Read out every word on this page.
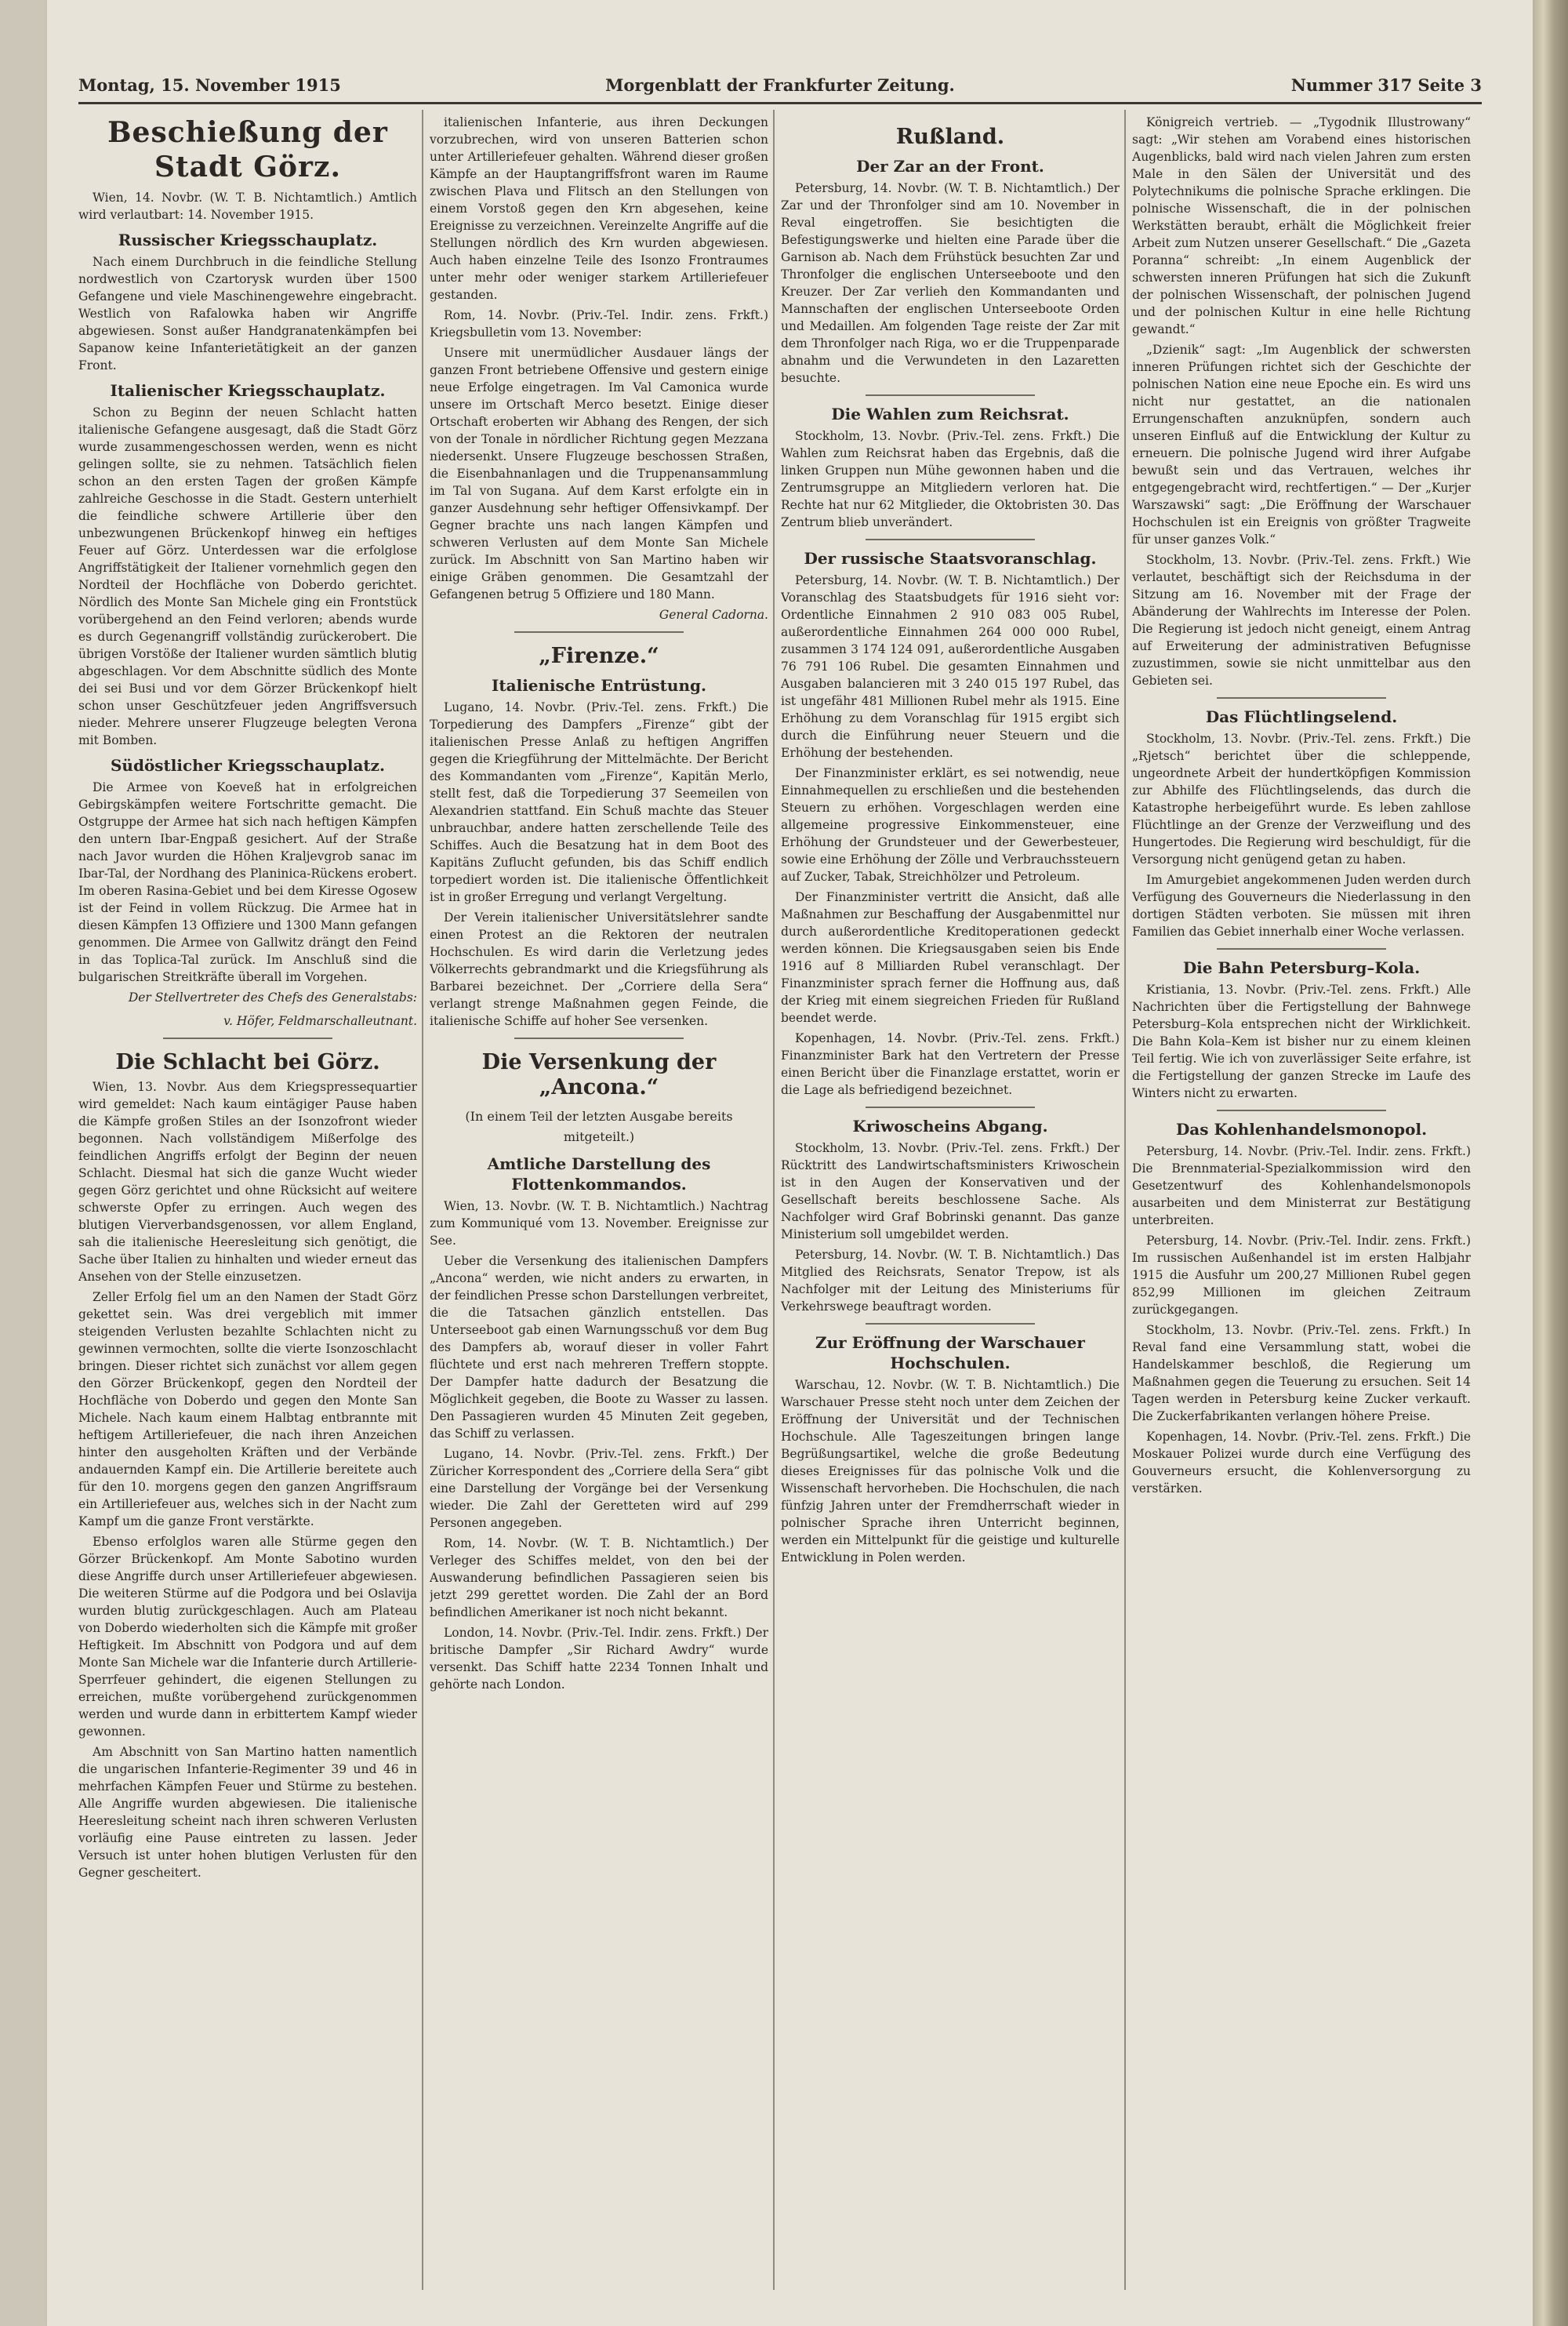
Montag, 15. November 1915	Morgenblatt der Frankfurter Zeitung.	Nummer 317 Seite 3
Beschießung der Stadt Görz.

Wien, 14. Novbr. (W. T. B. Nichtamtlich.) Amtlich wird verlautbart: 14. November 1915.

Russischer Kriegsschauplatz.

Nach einem Durchbruch in die feindliche Stellung nordwestlich von Czartorysk wurden über 1500 Gefangene und viele Maschinengewehre eingebracht. Westlich von Rafalowka haben wir Angriffe abgewiesen. Sonst außer Handgranatenkämpfen bei Sapanow keine Infanterietätigkeit an der ganzen Front.

Italienischer Kriegsschauplatz.

Schon zu Beginn der neuen Schlacht hatten italienische Gefangene ausgesagt, daß die Stadt Görz wurde zusammengeschossen werden, wenn es nicht gelingen sollte, sie zu nehmen. Tatsächlich fielen schon an den ersten Tagen der großen Kämpfe zahlreiche Geschosse in die Stadt. Gestern unterhielt die feindliche schwere Artillerie über den unbezwungenen Brückenkopf hinweg ein heftiges Feuer auf Görz. Unterdessen war die erfolglose Angriffstätigkeit der Italiener vornehmlich gegen den Nordteil der Hochfläche von Doberdo gerichtet. Nördlich des Monte San Michele ging ein Frontstück vorübergehend an den Feind verloren; abends wurde es durch Gegenangriff vollständig zurückerobert. Die übrigen Vorstöße der Italiener wurden sämtlich blutig abgeschlagen. Vor dem Abschnitte südlich des Monte dei sei Busi und vor dem Görzer Brückenkopf hielt schon unser Geschützfeuer jeden Angriffsversuch nieder. Mehrere unserer Flugzeuge belegten Verona mit Bomben.

Südöstlicher Kriegsschauplatz.

Die Armee von Koeveß hat in erfolgreichen Gebirgskämpfen weitere Fortschritte gemacht. Die Ostgruppe der Armee hat sich nach heftigen Kämpfen den untern Ibar-Engpaß gesichert. Auf der Straße nach Javor wurden die Höhen Kraljevgrob sanac im Ibar-Tal, der Nordhang des Planinica-Rückens erobert. Im oberen Rasina-Gebiet und bei dem Kiresse Ogosew ist der Feind in vollem Rückzug. Die Armee hat in diesen Kämpfen 13 Offiziere und 1300 Mann gefangen genommen. Die Armee von Gallwitz drängt den Feind in das Toplica-Tal zurück. Im Anschluß sind die bulgarischen Streitkräfte überall im Vorgehen.

Der Stellvertreter des Chefs des Generalstabs:

v. Höfer, Feldmarschalleutnant.

Die Schlacht bei Görz.

Wien, 13. Novbr. Aus dem Kriegspressequartier wird gemeldet: Nach kaum eintägiger Pause haben die Kämpfe großen Stiles an der Isonzofront wieder begonnen. Nach vollständigem Mißerfolge des feindlichen Angriffs erfolgt der Beginn der neuen Schlacht. Diesmal hat sich die ganze Wucht wieder gegen Görz gerichtet und ohne Rücksicht auf weitere schwerste Opfer zu erringen. Auch wegen des blutigen Vierverbandsgenossen, vor allem England, sah die italienische Heeresleitung sich genötigt, die Sache über Italien zu hinhalten und wieder erneut das Ansehen von der Stelle einzusetzen.

Zeller Erfolg fiel um an den Namen der Stadt Görz gekettet sein. Was drei vergeblich mit immer steigenden Verlusten bezahlte Schlachten nicht zu gewinnen vermochten, sollte die vierte Isonzoschlacht bringen. Dieser richtet sich zunächst vor allem gegen den Görzer Brückenkopf, gegen den Nordteil der Hochfläche von Doberdo und gegen den Monte San Michele. Nach kaum einem Halbtag entbrannte mit heftigem Artilleriefeuer, die nach ihren Anzeichen hinter den ausgeholten Kräften und der Verbände andauernden Kampf ein. Die Artillerie bereitete auch für den 10. morgens gegen den ganzen Angriffsraum ein Artilleriefeuer aus, welches sich in der Nacht zum Kampf um die ganze Front verstärkte.

Ebenso erfolglos waren alle Stürme gegen den Görzer Brückenkopf. Am Monte Sabotino wurden diese Angriffe durch unser Artilleriefeuer abgewiesen. Die weiteren Stürme auf die Podgora und bei Oslavija wurden blutig zurückgeschlagen. Auch am Plateau von Doberdo wiederholten sich die Kämpfe mit großer Heftigkeit. Im Abschnitt von Podgora und auf dem Monte San Michele war die Infanterie durch Artillerie-Sperrfeuer gehindert, die eigenen Stellungen zu erreichen, mußte vorübergehend zurückgenommen werden und wurde dann in erbittertem Kampf wieder gewonnen.

Am Abschnitt von San Martino hatten namentlich die ungarischen Infanterie-Regimenter 39 und 46 in mehrfachen Kämpfen Feuer und Stürme zu bestehen. Alle Angriffe wurden abgewiesen. Die italienische Heeresleitung scheint nach ihren schweren Verlusten vorläufig eine Pause eintreten zu lassen. Jeder Versuch ist unter hohen blutigen Verlusten für den Gegner gescheitert.

italienischen Infanterie, aus ihren Deckungen vorzubrechen, wird von unseren Batterien schon unter Artilleriefeuer gehalten. Während dieser großen Kämpfe an der Hauptangriffsfront waren im Raume zwischen Plava und Flitsch an den Stellungen von einem Vorstoß gegen den Krn abgesehen, keine Ereignisse zu verzeichnen. Vereinzelte Angriffe auf die Stellungen nördlich des Krn wurden abgewiesen. Auch haben einzelne Teile des Isonzo Frontraumes unter mehr oder weniger starkem Artilleriefeuer gestanden.

Rom, 14. Novbr. (Priv.-Tel. Indir. zens. Frkft.) Kriegsbulletin vom 13. November:

Unsere mit unermüdlicher Ausdauer längs der ganzen Front betriebene Offensive und gestern einige neue Erfolge eingetragen. Im Val Camonica wurde unsere im Ortschaft Merco besetzt. Einige dieser Ortschaft eroberten wir Abhang des Rengen, der sich von der Tonale in nördlicher Richtung gegen Mezzana niedersenkt. Unsere Flugzeuge beschossen Straßen, die Eisenbahnanlagen und die Truppenansammlung im Tal von Sugana. Auf dem Karst erfolgte ein in ganzer Ausdehnung sehr heftiger Offensivkampf. Der Gegner brachte uns nach langen Kämpfen und schweren Verlusten auf dem Monte San Michele zurück. Im Abschnitt von San Martino haben wir einige Gräben genommen. Die Gesamtzahl der Gefangenen betrug 5 Offiziere und 180 Mann.

General Cadorna.

„Firenze.“
Italienische Entrüstung.

Lugano, 14. Novbr. (Priv.-Tel. zens. Frkft.) Die Torpedierung des Dampfers „Firenze“ gibt der italienischen Presse Anlaß zu heftigen Angriffen gegen die Kriegführung der Mittelmächte. Der Bericht des Kommandanten vom „Firenze“, Kapitän Merlo, stellt fest, daß die Torpedierung 37 Seemeilen von Alexandrien stattfand. Ein Schuß machte das Steuer unbrauchbar, andere hatten zerschellende Teile des Schiffes. Auch die Besatzung hat in dem Boot des Kapitäns Zuflucht gefunden, bis das Schiff endlich torpediert worden ist. Die italienische Öffentlichkeit ist in großer Erregung und verlangt Vergeltung.

Der Verein italienischer Universitätslehrer sandte einen Protest an die Rektoren der neutralen Hochschulen. Es wird darin die Verletzung jedes Völkerrechts gebrandmarkt und die Kriegsführung als Barbarei bezeichnet. Der „Corriere della Sera“ verlangt strenge Maßnahmen gegen Feinde, die italienische Schiffe auf hoher See versenken.

Die Versenkung der „Ancona.“
(In einem Teil der letzten Ausgabe bereits mitgeteilt.)
Amtliche Darstellung des Flottenkommandos.

Wien, 13. Novbr. (W. T. B. Nichtamtlich.) Nachtrag zum Kommuniqué vom 13. November. Ereignisse zur See.

Ueber die Versenkung des italienischen Dampfers „Ancona“ werden, wie nicht anders zu erwarten, in der feindlichen Presse schon Darstellungen verbreitet, die die Tatsachen gänzlich entstellen. Das Unterseeboot gab einen Warnungsschuß vor dem Bug des Dampfers ab, worauf dieser in voller Fahrt flüchtete und erst nach mehreren Treffern stoppte. Der Dampfer hatte dadurch der Besatzung die Möglichkeit gegeben, die Boote zu Wasser zu lassen. Den Passagieren wurden 45 Minuten Zeit gegeben, das Schiff zu verlassen.

Lugano, 14. Novbr. (Priv.-Tel. zens. Frkft.) Der Züricher Korrespondent des „Corriere della Sera“ gibt eine Darstellung der Vorgänge bei der Versenkung wieder. Die Zahl der Geretteten wird auf 299 Personen angegeben.

Rom, 14. Novbr. (W. T. B. Nichtamtlich.) Der Verleger des Schiffes meldet, von den bei der Auswanderung befindlichen Passagieren seien bis jetzt 299 gerettet worden. Die Zahl der an Bord befindlichen Amerikaner ist noch nicht bekannt.

London, 14. Novbr. (Priv.-Tel. Indir. zens. Frkft.) Der britische Dampfer „Sir Richard Awdry“ wurde versenkt. Das Schiff hatte 2234 Tonnen Inhalt und gehörte nach London.

Rußland.
Der Zar an der Front.

Petersburg, 14. Novbr. (W. T. B. Nichtamtlich.) Der Zar und der Thronfolger sind am 10. November in Reval eingetroffen. Sie besichtigten die Befestigungswerke und hielten eine Parade über die Garnison ab. Nach dem Frühstück besuchten Zar und Thronfolger die englischen Unterseeboote und den Kreuzer. Der Zar verlieh den Kommandanten und Mannschaften der englischen Unterseeboote Orden und Medaillen. Am folgenden Tage reiste der Zar mit dem Thronfolger nach Riga, wo er die Truppenparade abnahm und die Verwundeten in den Lazaretten besuchte.

Die Wahlen zum Reichsrat.

Stockholm, 13. Novbr. (Priv.-Tel. zens. Frkft.) Die Wahlen zum Reichsrat haben das Ergebnis, daß die linken Gruppen nun Mühe gewonnen haben und die Zentrumsgruppe an Mitgliedern verloren hat. Die Rechte hat nur 62 Mitglieder, die Oktobristen 30. Das Zentrum blieb unverändert.

Der russische Staatsvoranschlag.

Petersburg, 14. Novbr. (W. T. B. Nichtamtlich.) Der Voranschlag des Staatsbudgets für 1916 sieht vor: Ordentliche Einnahmen 2 910 083 005 Rubel, außerordentliche Einnahmen 264 000 000 Rubel, zusammen 3 174 124 091, außerordentliche Ausgaben 76 791 106 Rubel. Die gesamten Einnahmen und Ausgaben balancieren mit 3 240 015 197 Rubel, das ist ungefähr 481 Millionen Rubel mehr als 1915. Eine Erhöhung zu dem Voranschlag für 1915 ergibt sich durch die Einführung neuer Steuern und die Erhöhung der bestehenden.

Der Finanzminister erklärt, es sei notwendig, neue Einnahmequellen zu erschließen und die bestehenden Steuern zu erhöhen. Vorgeschlagen werden eine allgemeine progressive Einkommensteuer, eine Erhöhung der Grundsteuer und der Gewerbesteuer, sowie eine Erhöhung der Zölle und Verbrauchssteuern auf Zucker, Tabak, Streichhölzer und Petroleum.

Der Finanzminister vertritt die Ansicht, daß alle Maßnahmen zur Beschaffung der Ausgabenmittel nur durch außerordentliche Kreditoperationen gedeckt werden können. Die Kriegsausgaben seien bis Ende 1916 auf 8 Milliarden Rubel veranschlagt. Der Finanzminister sprach ferner die Hoffnung aus, daß der Krieg mit einem siegreichen Frieden für Rußland beendet werde.

Kopenhagen, 14. Novbr. (Priv.-Tel. zens. Frkft.) Finanzminister Bark hat den Vertretern der Presse einen Bericht über die Finanzlage erstattet, worin er die Lage als befriedigend bezeichnet.

Kriwoscheins Abgang.

Stockholm, 13. Novbr. (Priv.-Tel. zens. Frkft.) Der Rücktritt des Landwirtschaftsministers Kriwoschein ist in den Augen der Konservativen und der Gesellschaft bereits beschlossene Sache. Als Nachfolger wird Graf Bobrinski genannt. Das ganze Ministerium soll umgebildet werden.

Petersburg, 14. Novbr. (W. T. B. Nichtamtlich.) Das Mitglied des Reichsrats, Senator Trepow, ist als Nachfolger mit der Leitung des Ministeriums für Verkehrswege beauftragt worden.

Zur Eröffnung der Warschauer Hochschulen.

Warschau, 12. Novbr. (W. T. B. Nichtamtlich.) Die Warschauer Presse steht noch unter dem Zeichen der Eröffnung der Universität und der Technischen Hochschule. Alle Tageszeitungen bringen lange Begrüßungsartikel, welche die große Bedeutung dieses Ereignisses für das polnische Volk und die Wissenschaft hervorheben. Die Hochschulen, die nach fünfzig Jahren unter der Fremdherrschaft wieder in polnischer Sprache ihren Unterricht beginnen, werden ein Mittelpunkt für die geistige und kulturelle Entwicklung in Polen werden.

Königreich vertrieb. — „Tygodnik Illustrowany“ sagt: „Wir stehen am Vorabend eines historischen Augenblicks, bald wird nach vielen Jahren zum ersten Male in den Sälen der Universität und des Polytechnikums die polnische Sprache erklingen. Die polnische Wissenschaft, die in der polnischen Werkstätten beraubt, erhält die Möglichkeit freier Arbeit zum Nutzen unserer Gesellschaft.“ Die „Gazeta Poranna“ schreibt: „In einem Augenblick der schwersten inneren Prüfungen hat sich die Zukunft der polnischen Wissenschaft, der polnischen Jugend und der polnischen Kultur in eine helle Richtung gewandt.“

„Dzienik“ sagt: „Im Augenblick der schwersten inneren Prüfungen richtet sich der Geschichte der polnischen Nation eine neue Epoche ein. Es wird uns nicht nur gestattet, an die nationalen Errungenschaften anzuknüpfen, sondern auch unseren Einfluß auf die Entwicklung der Kultur zu erneuern. Die polnische Jugend wird ihrer Aufgabe bewußt sein und das Vertrauen, welches ihr entgegengebracht wird, rechtfertigen.“ — Der „Kurjer Warszawski“ sagt: „Die Eröffnung der Warschauer Hochschulen ist ein Ereignis von größter Tragweite für unser ganzes Volk.“

Stockholm, 13. Novbr. (Priv.-Tel. zens. Frkft.) Wie verlautet, beschäftigt sich der Reichsduma in der Sitzung am 16. November mit der Frage der Abänderung der Wahlrechts im Interesse der Polen. Die Regierung ist jedoch nicht geneigt, einem Antrag auf Erweiterung der administrativen Befugnisse zuzustimmen, sowie sie nicht unmittelbar aus den Gebieten sei.

Das Flüchtlingselend.

Stockholm, 13. Novbr. (Priv.-Tel. zens. Frkft.) Die „Rjetsch“ berichtet über die schleppende, ungeordnete Arbeit der hundertköpfigen Kommission zur Abhilfe des Flüchtlingselends, das durch die Katastrophe herbeigeführt wurde. Es leben zahllose Flüchtlinge an der Grenze der Verzweiflung und des Hungertodes. Die Regierung wird beschuldigt, für die Versorgung nicht genügend getan zu haben.

Im Amurgebiet angekommenen Juden werden durch Verfügung des Gouverneurs die Niederlassung in den dortigen Städten verboten. Sie müssen mit ihren Familien das Gebiet innerhalb einer Woche verlassen.

Die Bahn Petersburg–Kola.

Kristiania, 13. Novbr. (Priv.-Tel. zens. Frkft.) Alle Nachrichten über die Fertigstellung der Bahnwege Petersburg–Kola entsprechen nicht der Wirklichkeit. Die Bahn Kola–Kem ist bisher nur zu einem kleinen Teil fertig. Wie ich von zuverlässiger Seite erfahre, ist die Fertigstellung der ganzen Strecke im Laufe des Winters nicht zu erwarten.

Das Kohlenhandelsmonopol.

Petersburg, 14. Novbr. (Priv.-Tel. Indir. zens. Frkft.) Die Brennmaterial-Spezialkommission wird den Gesetzentwurf des Kohlenhandelsmonopols ausarbeiten und dem Ministerrat zur Bestätigung unterbreiten.

Petersburg, 14. Novbr. (Priv.-Tel. Indir. zens. Frkft.) Im russischen Außenhandel ist im ersten Halbjahr 1915 die Ausfuhr um 200,27 Millionen Rubel gegen 852,99 Millionen im gleichen Zeitraum zurückgegangen.

Stockholm, 13. Novbr. (Priv.-Tel. zens. Frkft.) In Reval fand eine Versammlung statt, wobei die Handelskammer beschloß, die Regierung um Maßnahmen gegen die Teuerung zu ersuchen. Seit 14 Tagen werden in Petersburg keine Zucker verkauft. Die Zuckerfabrikanten verlangen höhere Preise.

Kopenhagen, 14. Novbr. (Priv.-Tel. zens. Frkft.) Die Moskauer Polizei wurde durch eine Verfügung des Gouverneurs ersucht, die Kohlenversorgung zu verstärken.
